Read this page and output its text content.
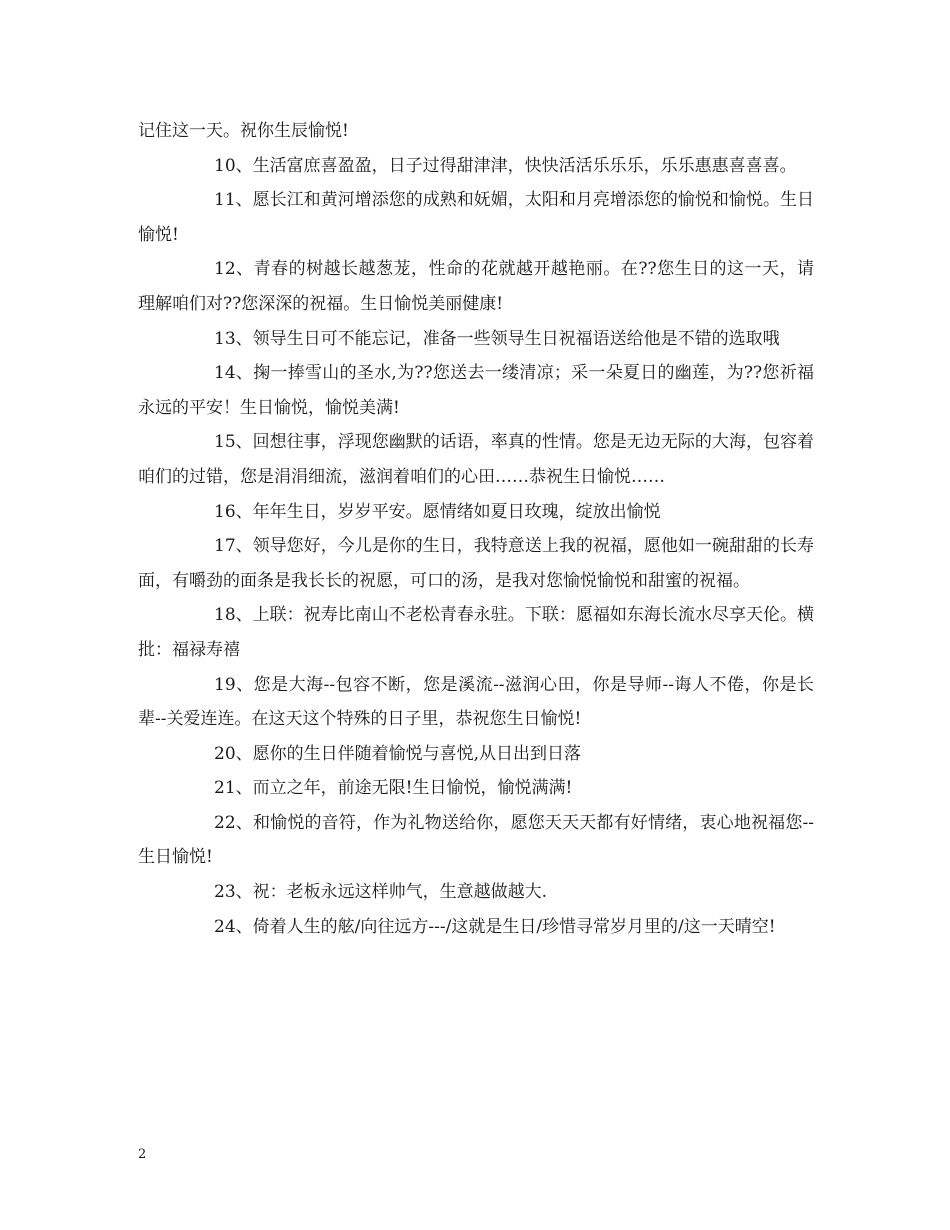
记住这一天。祝你生辰愉悦!

10、生活富庶喜盈盈，日子过得甜津津，快快活活乐乐乐，乐乐惠惠喜喜喜。

11、愿长江和黄河增添您的成熟和妩媚，太阳和月亮增添您的愉悦和愉悦。生日愉悦!

12、青春的树越长越葱茏，性命的花就越开越艳丽。在??您生日的这一天，请理解咱们对??您深深的祝福。生日愉悦美丽健康!

13、领导生日可不能忘记，准备一些领导生日祝福语送给他是不错的选取哦

14、掬一捧雪山的圣水,为??您送去一缕清凉；采一朵夏日的幽莲，为??您祈福永远的平安！生日愉悦，愉悦美满!

15、回想往事，浮现您幽默的话语，率真的性情。您是无边无际的大海，包容着咱们的过错，您是涓涓细流，滋润着咱们的心田……恭祝生日愉悦……

16、年年生日，岁岁平安。愿情绪如夏日玫瑰，绽放出愉悦

17、领导您好，今儿是你的生日，我特意送上我的祝福，愿他如一碗甜甜的长寿面，有嚼劲的面条是我长长的祝愿，可口的汤，是我对您愉悦愉悦和甜蜜的祝福。

18、上联：祝寿比南山不老松青春永驻。下联：愿福如东海长流水尽享天伦。横批：福禄寿禧

19、您是大海--包容不断，您是溪流--滋润心田，你是导师--诲人不倦，你是长辈--关爱连连。在这天这个特殊的日子里，恭祝您生日愉悦!

20、愿你的生日伴随着愉悦与喜悦,从日出到日落

21、而立之年，前途无限!生日愉悦，愉悦满满!

22、和愉悦的音符，作为礼物送给你，愿您天天天都有好情绪，衷心地祝福您--生日愉悦!

23、祝：老板永远这样帅气，生意越做越大.

24、倚着人生的舷/向往远方---/这就是生日/珍惜寻常岁月里的/这一天晴空!

2
